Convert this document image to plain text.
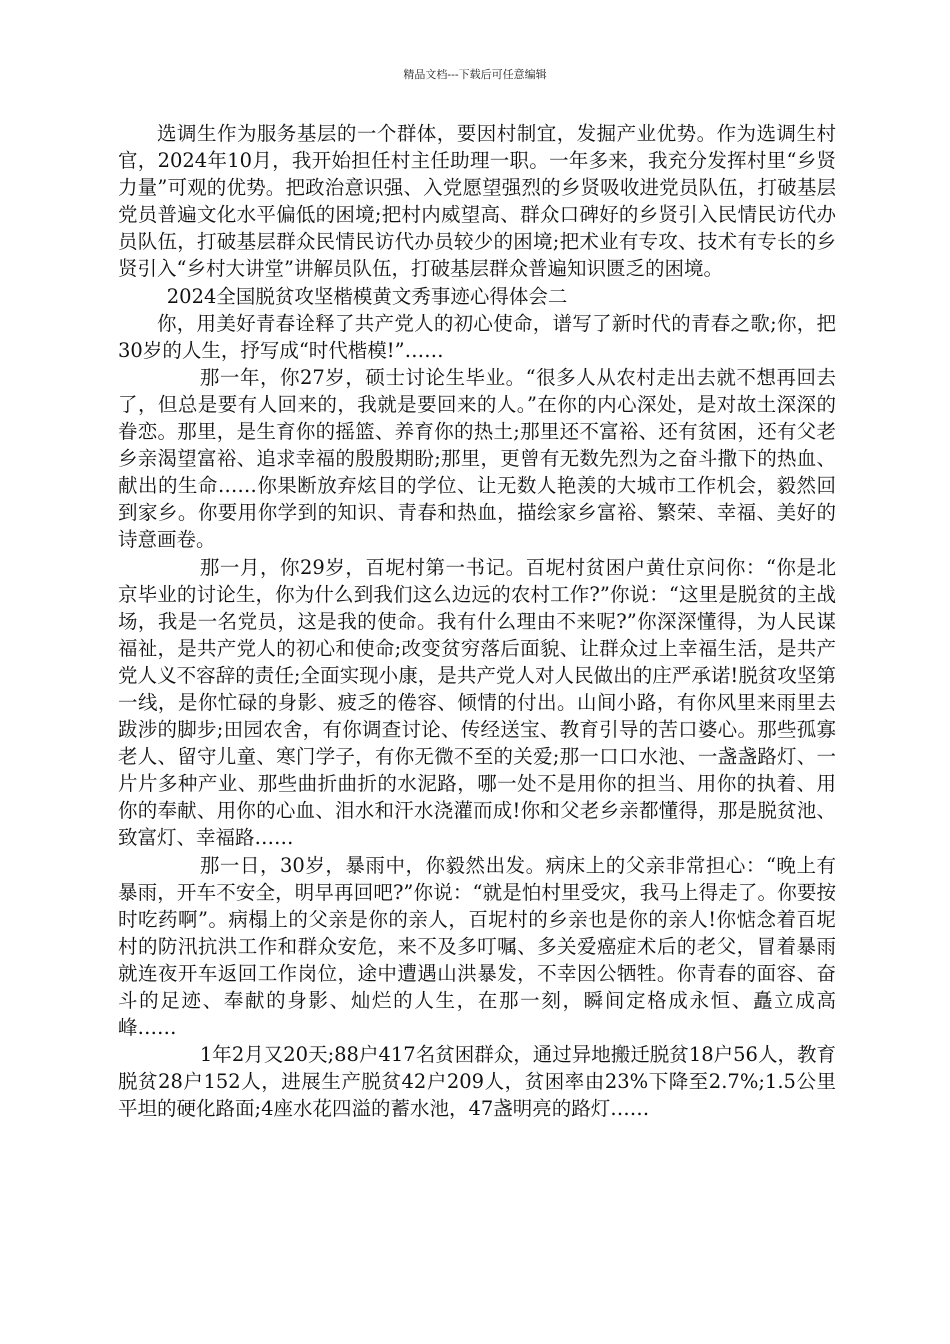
精品文档---下载后可任意编辑

选调生作为服务基层的一个群体，要因村制宜，发掘产业优势。作为选调生村官，2024年10月，我开始担任村主任助理一职。一年多来，我充分发挥村里“乡贤力量”可观的优势。把政治意识强、入党愿望强烈的乡贤吸收进党员队伍，打破基层党员普遍文化水平偏低的困境;把村内威望高、群众口碑好的乡贤引入民情民访代办员队伍，打破基层群众民情民访代办员较少的困境;把术业有专攻、技术有专长的乡贤引入“乡村大讲堂”讲解员队伍，打破基层群众普遍知识匮乏的困境。

2024全国脱贫攻坚楷模黄文秀事迹心得体会二

你，用美好青春诠释了共产党人的初心使命，谱写了新时代的青春之歌;你，把30岁的人生，抒写成“时代楷模!”……

那一年，你27岁，硕士讨论生毕业。“很多人从农村走出去就不想再回去了，但总是要有人回来的，我就是要回来的人。”在你的内心深处，是对故土深深的眷恋。那里，是生育你的摇篮、养育你的热土;那里还不富裕、还有贫困，还有父老乡亲渴望富裕、追求幸福的殷殷期盼;那里，更曾有无数先烈为之奋斗撒下的热血、献出的生命……你果断放弃炫目的学位、让无数人艳羡的大城市工作机会，毅然回到家乡。你要用你学到的知识、青春和热血，描绘家乡富裕、繁荣、幸福、美好的诗意画卷。

那一月，你29岁，百坭村第一书记。百坭村贫困户黄仕京问你：“你是北京毕业的讨论生，你为什么到我们这么边远的农村工作?”你说：“这里是脱贫的主战场，我是一名党员，这是我的使命。我有什么理由不来呢?”你深深懂得，为人民谋福祉，是共产党人的初心和使命;改变贫穷落后面貌、让群众过上幸福生活，是共产党人义不容辞的责任;全面实现小康，是共产党人对人民做出的庄严承诺!脱贫攻坚第一线，是你忙碌的身影、疲乏的倦容、倾情的付出。山间小路，有你风里来雨里去跋涉的脚步;田园农舍，有你调查讨论、传经送宝、教育引导的苦口婆心。那些孤寡老人、留守儿童、寒门学子，有你无微不至的关爱;那一口口水池、一盏盏路灯、一片片多种产业、那些曲折曲折的水泥路，哪一处不是用你的担当、用你的执着、用你的奉献、用你的心血、泪水和汗水浇灌而成!你和父老乡亲都懂得，那是脱贫池、致富灯、幸福路……

那一日，30岁，暴雨中，你毅然出发。病床上的父亲非常担心：“晚上有暴雨，开车不安全，明早再回吧?”你说：“就是怕村里受灾，我马上得走了。你要按时吃药啊”。病榻上的父亲是你的亲人，百坭村的乡亲也是你的亲人!你惦念着百坭村的防汛抗洪工作和群众安危，来不及多叮嘱、多关爱癌症术后的老父，冒着暴雨就连夜开车返回工作岗位，途中遭遇山洪暴发，不幸因公牺牲。你青春的面容、奋斗的足迹、奉献的身影、灿烂的人生，在那一刻，瞬间定格成永恒、矗立成高峰……

1年2月又20天;88户417名贫困群众，通过异地搬迁脱贫18户56人，教育脱贫28户152人，进展生产脱贫42户209人，贫困率由23%下降至2.7%;1.5公里平坦的硬化路面;4座水花四溢的蓄水池，47盏明亮的路灯……
